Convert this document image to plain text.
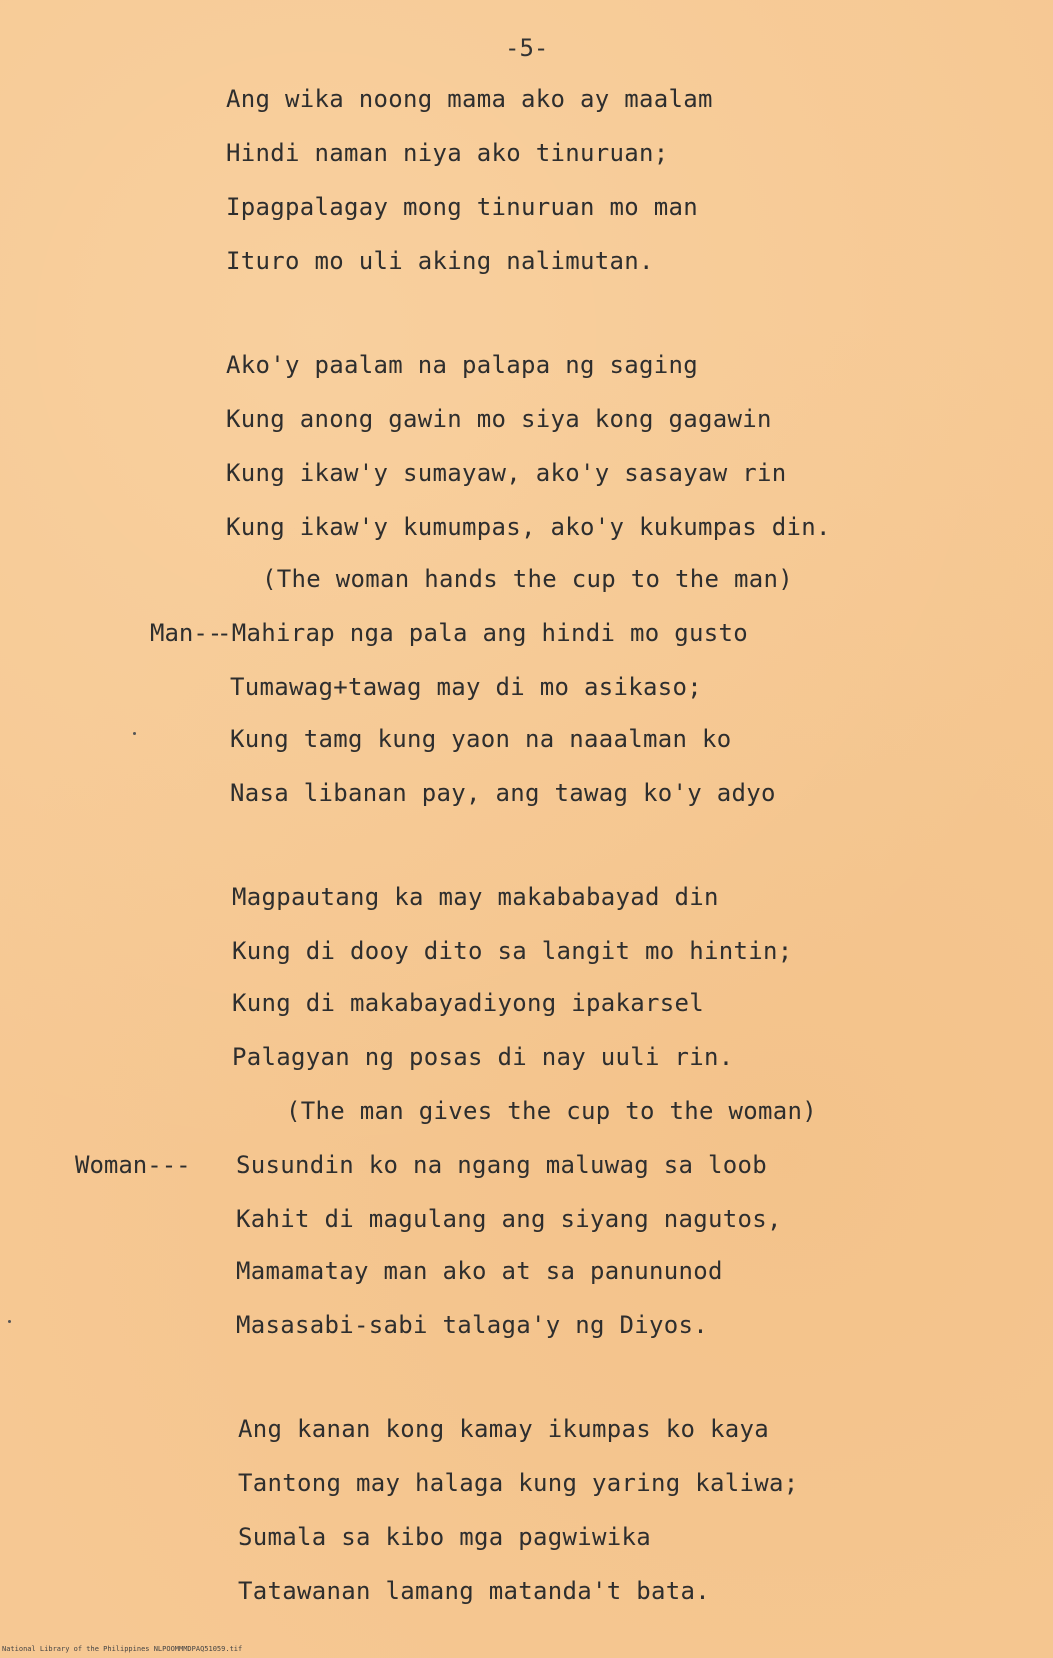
-5-
Ang wika noong mama ako ay maalam
Hindi naman niya ako tinuruan;
Ipagpalagay mong tinuruan mo man
Ituro mo uli aking nalimutan.
Ako'y paalam na palapa ng saging
Kung anong gawin mo siya kong gagawin
Kung ikaw'y sumayaw, ako'y sasayaw rin
Kung ikaw'y kumumpas, ako'y kukumpas din.
(The woman hands the cup to the man)
Man--
-Mahirap nga pala ang hindi mo gusto
Tumawag+tawag may di mo asikaso;
Kung tamg kung yaon na naaalman ko
Nasa libanan pay, ang tawag ko'y adyo
Magpautang ka may makababayad din
Kung di dooy dito sa langit mo hintin;
Kung di makabayadiyong ipakarsel
Palagyan ng posas di nay uuli rin.
(The man gives the cup to the woman)
Woman--- Susundin ko na ngang maluwag sa loob
Kahit di magulang ang siyang nagutos,
Mamamatay man ako at sa panununod
Masasabi-sabi talaga'y ng Diyos.
Ang kanan kong kamay ikumpas ko kaya
Tantong may halaga kung yaring kaliwa;
Sumala sa kibo mga pagwiwika
Tatawanan lamang matanda't bata.
National Library of the Philippines NLPOOMMMDPAQ51059.tif
